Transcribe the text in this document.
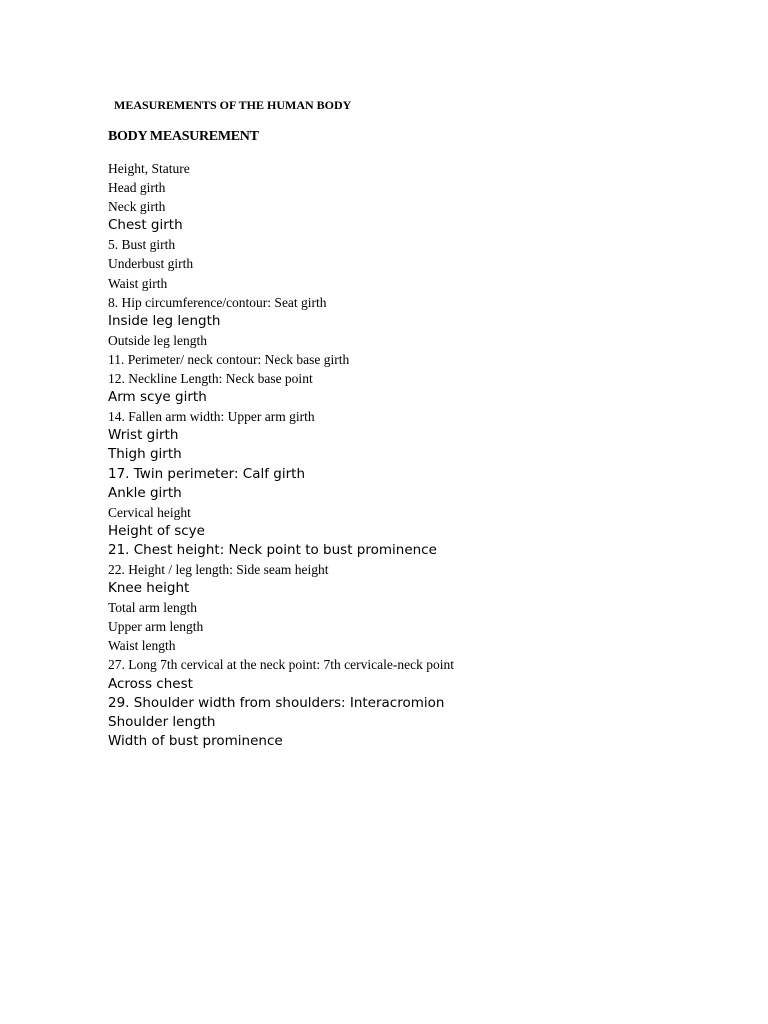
MEASUREMENTS OF THE HUMAN BODY
BODY MEASUREMENT
Height, Stature
Head girth
Neck girth
Chest girth
5. Bust girth
Underbust girth
Waist girth
8. Hip circumference/contour: Seat girth
Inside leg length
Outside leg length
11. Perimeter/ neck contour: Neck base girth
12. Neckline Length: Neck base point
Arm scye girth
14. Fallen arm width: Upper arm girth
Wrist girth
Thigh girth
17. Twin perimeter: Calf girth
Ankle girth
Cervical height
Height of scye
21. Chest height: Neck point to bust prominence
22. Height / leg length: Side seam height
Knee height
Total arm length
Upper arm length
Waist length
27. Long 7th cervical at the neck point: 7th cervicale-neck point
Across chest
29. Shoulder width from shoulders: Interacromion
Shoulder length
Width of bust prominence
